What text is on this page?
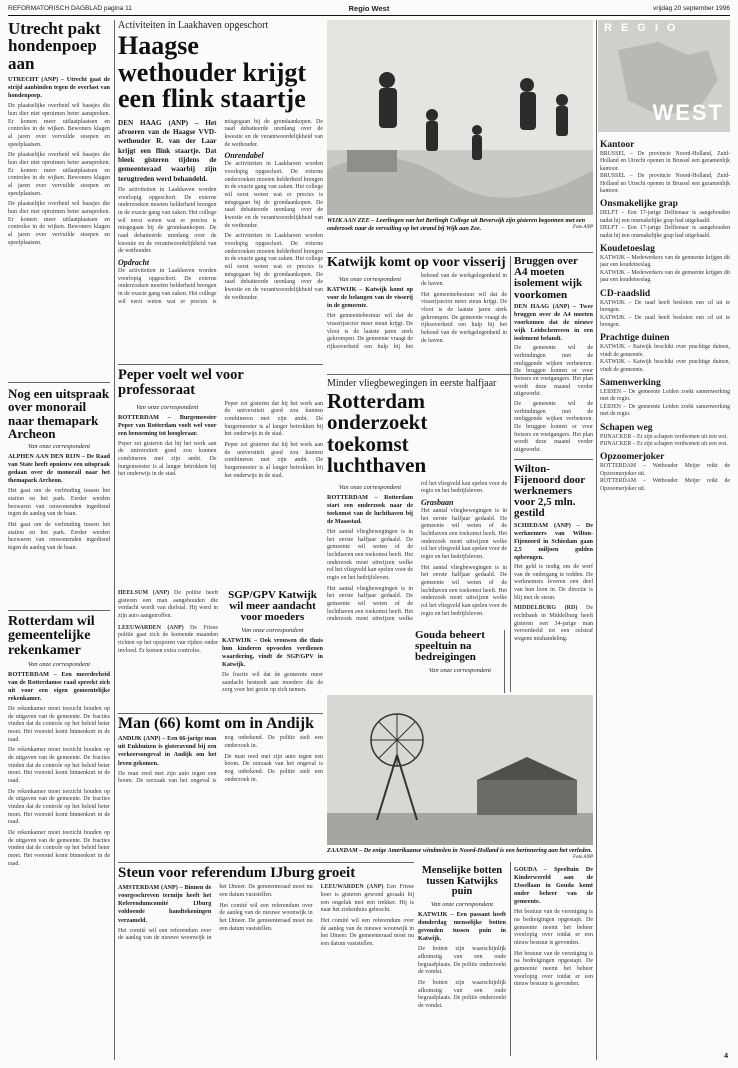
REFORMATORISCH DAGBLAD pagina 11	Regio West	vrijdag 20 september 1996
Utrecht pakt hondenpoep aan
UTRECHT (ANP) – Utrecht gaat de strijd aanbinden tegen de overlast van hondenpoep.
De plaatselijke overheid wil baasjes die hun dier niet opruimen beter aanspreken. Er komen meer uitlaatplaatsen en controles in de wijken. Bewoners klagen al jaren over vervuilde stoepen en speelplaatsen.
De plaatselijke overheid wil baasjes die hun dier niet opruimen beter aanspreken. Er komen meer uitlaatplaatsen en controles in de wijken. Bewoners klagen al jaren over vervuilde stoepen en speelplaatsen.
De plaatselijke overheid wil baasjes die hun dier niet opruimen beter aanspreken. Er komen meer uitlaatplaatsen en controles in de wijken. Bewoners klagen al jaren over vervuilde stoepen en speelplaatsen.
Nog een uitspraak over monorail naar themapark Archeon
Van onze correspondent
ALPHEN AAN DEN RIJN – De Raad van State heeft opnieuw een uitspraak gedaan over de monorail naar het themapark Archeon.
Het gaat om de verbinding tussen het station en het park. Eerder werden bezwaren van omwonenden ingediend tegen de aanleg van de baan.
Het gaat om de verbinding tussen het station en het park. Eerder werden bezwaren van omwonenden ingediend tegen de aanleg van de baan.
Rotterdam wil gemeentelijke rekenkamer
Van onze correspondent
ROTTERDAM – Een meerderheid van de Rotterdamse raad spreekt zich uit voor een eigen gemeentelijke rekenkamer.
De rekenkamer moet toezicht houden op de uitgaven van de gemeente. De fracties vinden dat de controle op het beleid beter moet. Het voorstel komt binnenkort in de raad.
De rekenkamer moet toezicht houden op de uitgaven van de gemeente. De fracties vinden dat de controle op het beleid beter moet. Het voorstel komt binnenkort in de raad.
De rekenkamer moet toezicht houden op de uitgaven van de gemeente. De fracties vinden dat de controle op het beleid beter moet. Het voorstel komt binnenkort in de raad.
De rekenkamer moet toezicht houden op de uitgaven van de gemeente. De fracties vinden dat de controle op het beleid beter moet. Het voorstel komt binnenkort in de raad.
Activiteiten in Laakhaven opgeschort
Haagse wethouder krijgt een flink staartje
DEN HAAG (ANP) – Het afvoeren van de Haagse VVD-wethouder R. van der Laar krijgt een flink staartje. Dat bleek gisteren tijdens de gemeenteraad waarbij zijn terugtreden werd behandeld.
De activiteiten in Laakhaven worden voorlopig opgeschort. De externe onderzoeken moeten helderheid brengen in de exacte gang van zaken. Het college wil eerst weten wat er precies is misgegaan bij de grondaankopen. De raad debatteerde urenlang over de kwestie en de verantwoordelijkheid van de wethouder.
Opdracht
De activiteiten in Laakhaven worden voorlopig opgeschort. De externe onderzoeken moeten helderheid brengen in de exacte gang van zaken. Het college wil eerst weten wat er precies is misgegaan bij de grondaankopen. De raad debatteerde urenlang over de kwestie en de verantwoordelijkheid van de wethouder.
Onrendabel
De activiteiten in Laakhaven worden voorlopig opgeschort. De externe onderzoeken moeten helderheid brengen in de exacte gang van zaken. Het college wil eerst weten wat er precies is misgegaan bij de grondaankopen. De raad debatteerde urenlang over de kwestie en de verantwoordelijkheid van de wethouder.
De activiteiten in Laakhaven worden voorlopig opgeschort. De externe onderzoeken moeten helderheid brengen in de exacte gang van zaken. Het college wil eerst weten wat er precies is misgegaan bij de grondaankopen. De raad debatteerde urenlang over de kwestie en de verantwoordelijkheid van de wethouder.
Peper voelt wel voor professoraat
Van onze correspondent
ROTTERDAM – Burgemeester Peper van Rotterdam voelt wel voor een benoeming tot hoogleraar.
Peper zei gisteren dat hij het werk aan de universiteit goed zou kunnen combineren met zijn ambt. De burgemeester is al langer betrokken bij het onderwijs in de stad.
Peper zei gisteren dat hij het werk aan de universiteit goed zou kunnen combineren met zijn ambt. De burgemeester is al langer betrokken bij het onderwijs in de stad.
Peper zei gisteren dat hij het werk aan de universiteit goed zou kunnen combineren met zijn ambt. De burgemeester is al langer betrokken bij het onderwijs in de stad.
HEELSUM (ANP) De politie heeft gisteren een man aangehouden die verdacht wordt van diefstal. Hij werd in zijn auto aangetroffen.
LEEUWARDEN (ANP) De Friese politie gaat zich de komende maanden richten op het opsporen van rijders onder invloed. Er komen extra controles.
SGP/GPV Katwijk wil meer aandacht voor moeders
Van onze correspondent
KATWIJK – Ook vrouwen die thuis hun kinderen opvoeden verdienen waardering, vindt de SGP/GPV in Katwijk.
De fractie wil dat de gemeente meer aandacht besteedt aan moeders die de zorg voor het gezin op zich nemen.
Man (66) komt om in Andijk
ANDIJK (ANP) – Een 66-jarige man uit Enkhuizen is gisteravond bij een verkeersongeval in Andijk om het leven gekomen.
De man reed met zijn auto tegen een boom. De oorzaak van het ongeval is nog onbekend. De politie stelt een onderzoek in.
De man reed met zijn auto tegen een boom. De oorzaak van het ongeval is nog onbekend. De politie stelt een onderzoek in.
ZAANDAM – De enige Amerikaanse windmolen in Noord-Holland is een herinnering aan het verleden.
Foto ANP
Steun voor referendum IJburg groeit
AMSTERDAM (ANP) – Binnen de voorgeschreven termijn heeft het Referendumcomité IJburg voldoende handtekeningen verzameld.
Het comité wil een referendum over de aanleg van de nieuwe woonwijk in het IJmeer. De gemeenteraad moet nu een datum vaststellen.
Het comité wil een referendum over de aanleg van de nieuwe woonwijk in het IJmeer. De gemeenteraad moet nu een datum vaststellen.
LEEUWARDEN (ANP) Een Friese boer is gisteren gewond geraakt bij een ongeluk met een trekker. Hij is naar het ziekenhuis gebracht.
Het comité wil een referendum over de aanleg van de nieuwe woonwijk in het IJmeer. De gemeenteraad moet nu een datum vaststellen.
WIJK AAN ZEE – Leerlingen van het Berlingh College uit Beverwijk zijn gisteren begonnen met een onderzoek naar de vervuiling op het strand bij Wijk aan Zee.	Foto ANP
Katwijk komt op voor visserij
Van onze correspondent
KATWIJK – Katwijk komt op voor de belangen van de visserij in de gemeente.
Het gemeentebestuur wil dat de visserijsector meer steun krijgt. De vloot is de laatste jaren sterk gekrompen. De gemeente vraagt de rijksoverheid om hulp bij het behoud van de werkgelegenheid in de haven.
Het gemeentebestuur wil dat de visserijsector meer steun krijgt. De vloot is de laatste jaren sterk gekrompen. De gemeente vraagt de rijksoverheid om hulp bij het behoud van de werkgelegenheid in de haven.
Minder vliegbewegingen in eerste halfjaar
Rotterdam onderzoekt toekomst luchthaven
Van onze correspondent
ROTTERDAM – Rotterdam start een onderzoek naar de toekomst van de luchthaven bij de Maasstad.
Het aantal vliegbewegingen is in het eerste halfjaar gedaald. De gemeente wil weten of de luchthaven een toekomst heeft. Het onderzoek moet uitwijzen welke rol het vliegveld kan spelen voor de regio en het bedrijfsleven.
Het aantal vliegbewegingen is in het eerste halfjaar gedaald. De gemeente wil weten of de luchthaven een toekomst heeft. Het onderzoek moet uitwijzen welke rol het vliegveld kan spelen voor de regio en het bedrijfsleven.
Grasbaan
Het aantal vliegbewegingen is in het eerste halfjaar gedaald. De gemeente wil weten of de luchthaven een toekomst heeft. Het onderzoek moet uitwijzen welke rol het vliegveld kan spelen voor de regio en het bedrijfsleven.
Het aantal vliegbewegingen is in het eerste halfjaar gedaald. De gemeente wil weten of de luchthaven een toekomst heeft. Het onderzoek moet uitwijzen welke rol het vliegveld kan spelen voor de regio en het bedrijfsleven.
Gouda beheert speeltuin na bedreigingen
Van onze correspondent
Menselijke botten tussen Katwijks puin
Van onze correspondent
KATWIJK – Een passant heeft donderdag menselijke botten gevonden tussen puin in Katwijk.
De botten zijn waarschijnlijk afkomstig van een oude begraafplaats. De politie onderzoekt de vondst.
De botten zijn waarschijnlijk afkomstig van een oude begraafplaats. De politie onderzoekt de vondst.
GOUDA – Speeltuin De Kinderwereld aan de IJssellaan in Gouda komt onder beheer van de gemeente.
Het bestuur van de vereniging is na bedreigingen opgestapt. De gemeente neemt het beheer voorlopig over totdat er een nieuw bestuur is gevonden.
Het bestuur van de vereniging is na bedreigingen opgestapt. De gemeente neemt het beheer voorlopig over totdat er een nieuw bestuur is gevonden.
REGIO
WEST
Kantoor
BRUSSEL – De provincie Noord-Holland, Zuid-Holland en Utrecht openen in Brussel een gezamenlijk kantoor.
BRUSSEL – De provincie Noord-Holland, Zuid-Holland en Utrecht openen in Brussel een gezamenlijk kantoor.
Onsmakelijke grap
DELFT – Een 17-jarige Delftenaar is aangehouden nadat hij een onsmakelijke grap had uitgehaald.
DELFT – Een 17-jarige Delftenaar is aangehouden nadat hij een onsmakelijke grap had uitgehaald.
Koudetoeslag
KATWIJK – Medewerkers van de gemeente krijgen dit jaar een koudetoeslag.
KATWIJK – Medewerkers van de gemeente krijgen dit jaar een koudetoeslag.
CD-raadslid
KATWIJK – De raad heeft besloten een cd uit te brengen.
KATWIJK – De raad heeft besloten een cd uit te brengen.
Prachtige duinen
KATWIJK – Katwijk beschikt over prachtige duinen, vindt de gemeente.
KATWIJK – Katwijk beschikt over prachtige duinen, vindt de gemeente.
Samenwerking
LEIDEN – De gemeente Leiden zoekt samenwerking met de regio.
LEIDEN – De gemeente Leiden zoekt samenwerking met de regio.
Schapen weg
PIJNACKER – Er zijn schapen verdwenen uit een wei.
PIJNACKER – Er zijn schapen verdwenen uit een wei.
Opzoomerjoker
ROTTERDAM – Wethouder Meijer reikt de Opzoomerjoker uit.
ROTTERDAM – Wethouder Meijer reikt de Opzoomerjoker uit.
4
Bruggen over A4 moeten isolement wijk voorkomen
DEN HAAG (ANP) – Twee bruggen over de A4 moeten voorkomen dat de nieuwe wijk Leidschenveen in een isolement belandt.
De gemeente wil de verbindingen met de omliggende wijken verbeteren. De bruggen komen er voor fietsers en voetgangers. Het plan wordt deze maand verder uitgewerkt.
De gemeente wil de verbindingen met de omliggende wijken verbeteren. De bruggen komen er voor fietsers en voetgangers. Het plan wordt deze maand verder uitgewerkt.
Wilton-Fijenoord door werknemers voor 2,5 mln. gestild
SCHIEDAM (ANP) – De werknemers van Wilton-Fijenoord in Schiedam gaan 2,5 miljoen gulden opbrengen.
Het geld is nodig om de werf van de ondergang te redden. De werknemers leveren een deel van hun loon in. De directie is blij met de steun.
MIDDELBURG (RD) De rechtbank in Middelburg heeft gisteren een 34-jarige man veroordeeld tot een celstraf wegens mishandeling.
